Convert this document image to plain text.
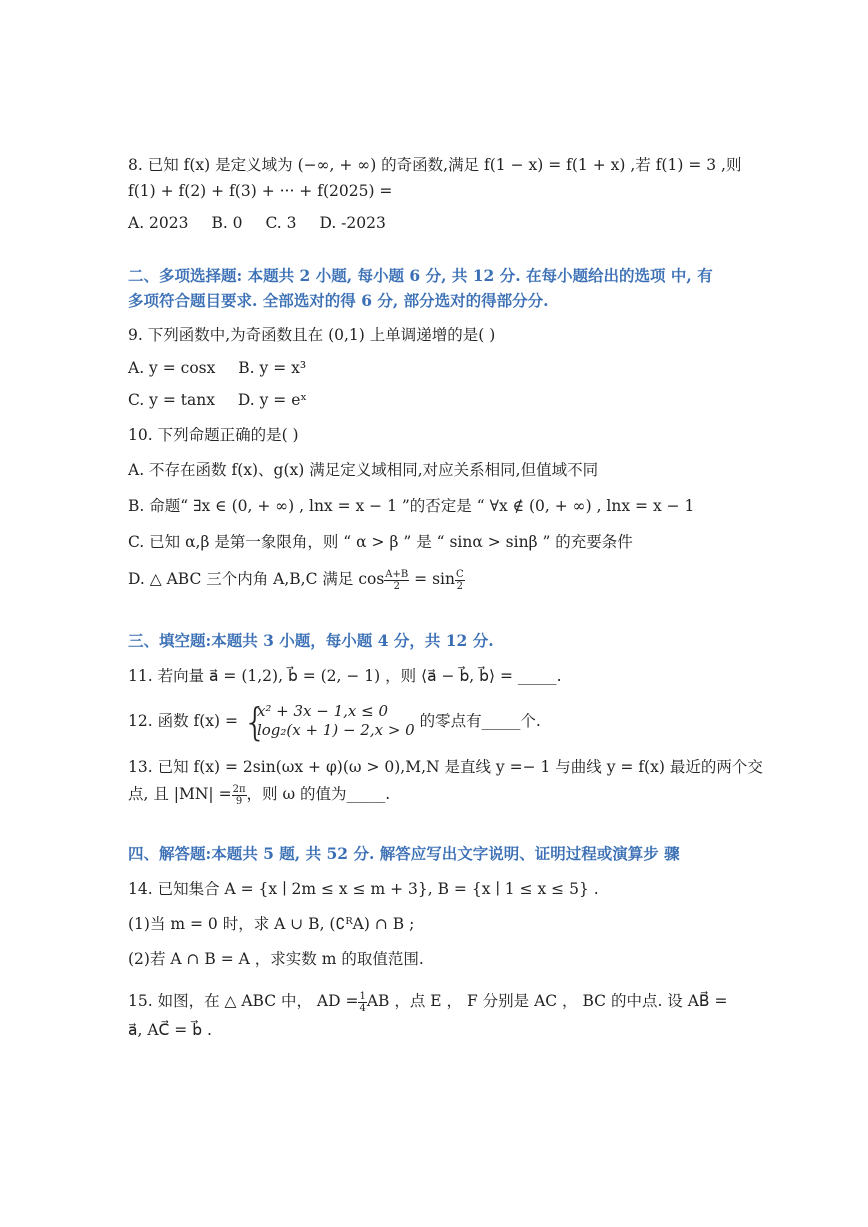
8. 已知 f(x) 是定义域为 (−∞, + ∞) 的奇函数,满足 f(1 − x) = f(1 + x) ,若 f(1) = 3 ,则
f(1) + f(2) + f(3) + ··· + f(2025) =
A. 2023 B. 0 C. 3 D. -2023
二、多项选择题: 本题共 2 小题, 每小题 6 分, 共 12 分. 在每小题给出的选项 中, 有
多项符合题目要求. 全部选对的得 6 分, 部分选对的得部分分.
9. 下列函数中,为奇函数且在 (0,1) 上单调递增的是( )
A. y = cosx B. y = x³
C. y = tanx D. y = eˣ
10. 下列命题正确的是( )
A. 不存在函数 f(x)、g(x) 满足定义域相同,对应关系相同,但值域不同
B. 命题“ ∃x ∈ (0, + ∞) , lnx = x − 1 ”的否定是 “ ∀x ∉ (0, + ∞) , lnx = x − 1
C. 已知 α,β 是第一象限角，则 “ α > β ” 是 “ sinα > sinβ ” 的充要条件
D. △ ABC 三个内角 A,B,C 满足 $\cos \frac{A+B}{2} = \sin \frac{C}{2}$
三、填空题:本题共 3 小题，每小题 4 分，共 12 分.
11. 若向量 a⃗ = (1,2), b⃗ = (2, − 1) ，则 ⟨a⃗ − b⃗, b⃗⟩ = _____.
12. 函数 f(x) = {
x² + 3x − 1,x ≤ 0
log₂(x + 1) − 2,x > 0 的零点有_____个.
13. 已知 f(x) = 2sin(ωx + φ)(ω > 0),M,N 是直线 y =− 1 与曲线 y = f(x) 最近的两个交
点, 且 $|MN| = \frac{2\pi}{9}$ ，则 ω 的值为_____.
四、解答题:本题共 5 题, 共 52 分. 解答应写出文字说明、证明过程或演算步 骤
14. 已知集合 A = {x ∣ 2m ≤ x ≤ m + 3}, B = {x ∣ 1 ≤ x ≤ 5} .
(1)当 m = 0 时，求 A ∪ B, (∁ᴿA) ∩ B ;
(2)若 A ∩ B = A ，求实数 m 的取值范围.
15. 如图，在 △ ABC 中， AD = $\frac{1}{4}$ AB ，点 E ， F 分别是 AC ， BC 的中点. 设 AB⃗ =
a⃗, AC⃗ = b⃗ .
